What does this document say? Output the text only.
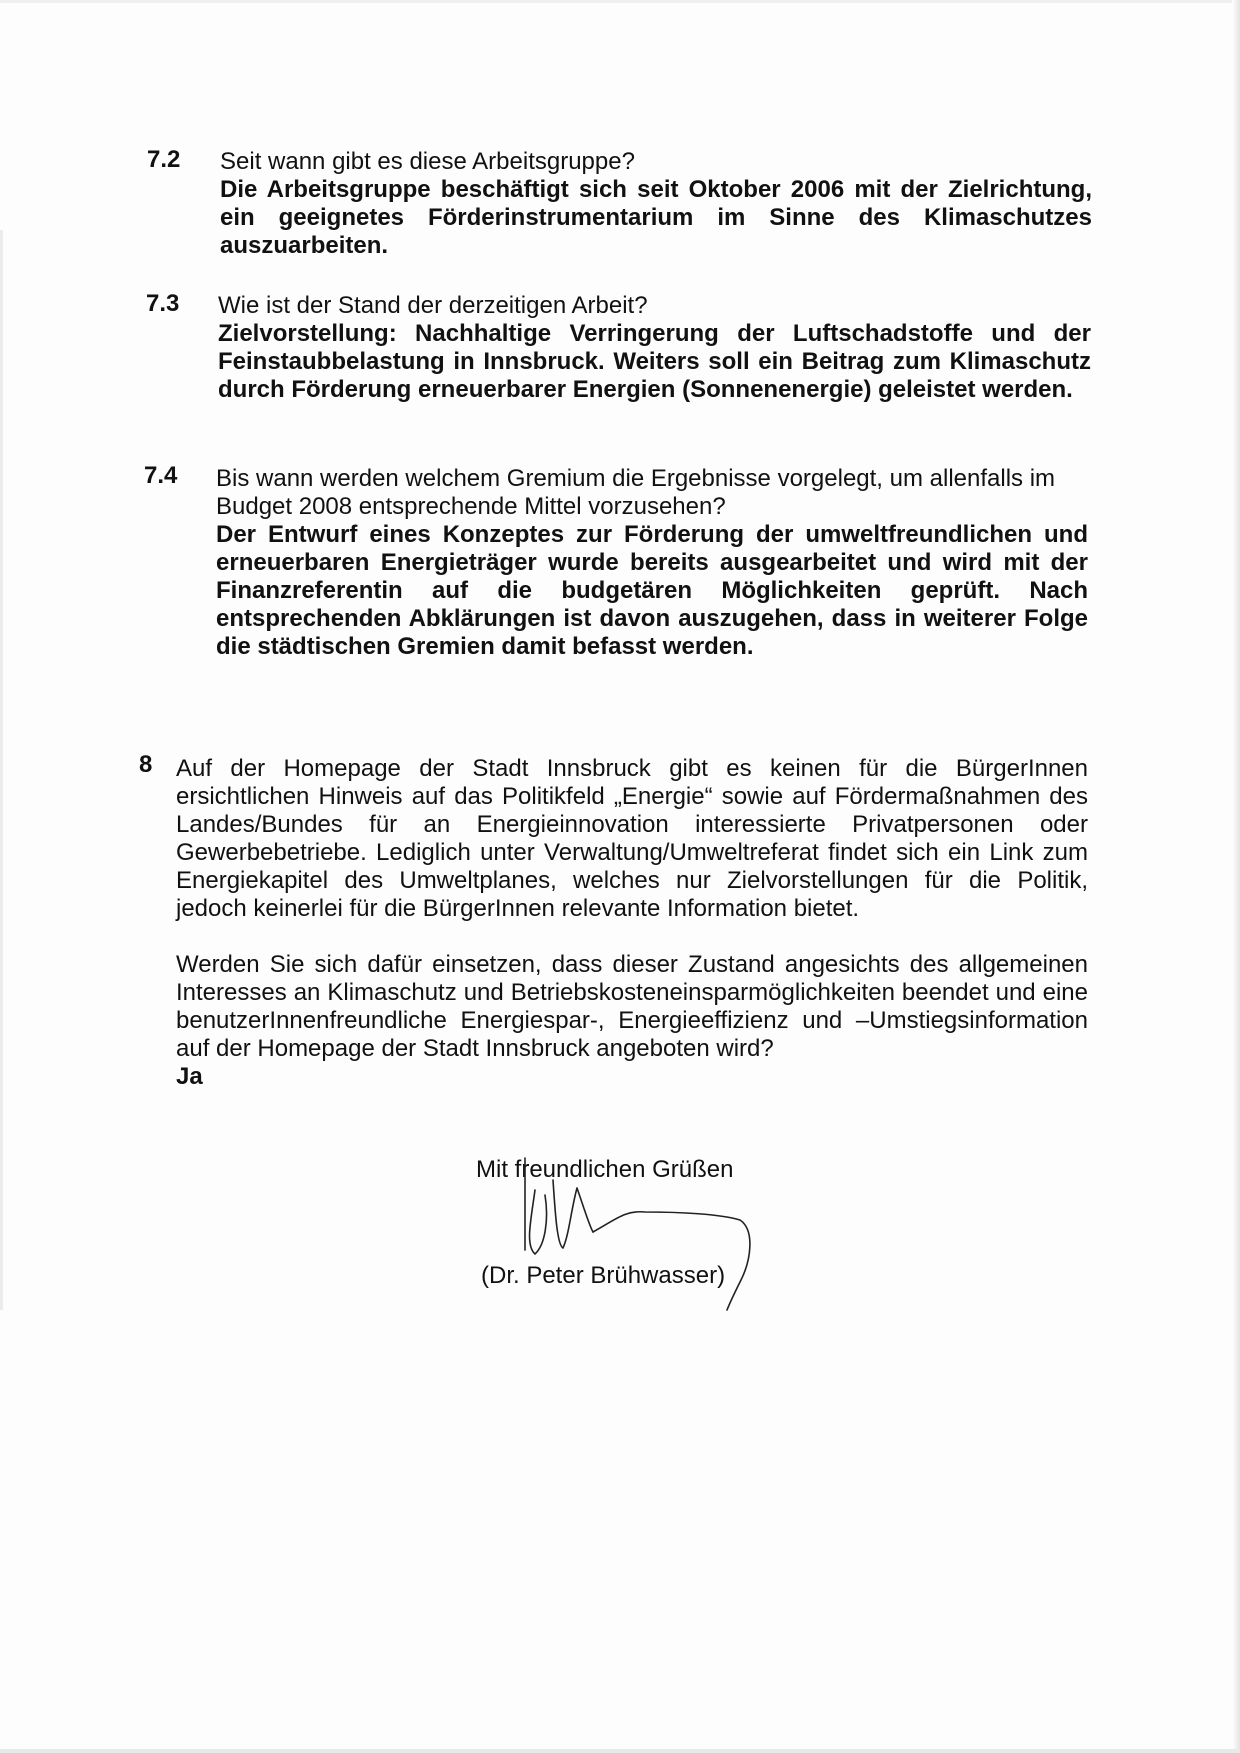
7.2 Seit wann gibt es diese Arbeitsgruppe?

Die Arbeitsgruppe beschäftigt sich seit Oktober 2006 mit der Zielrichtung, ein geeignetes Förderinstrumentarium im Sinne des Klimaschutzes auszuarbeiten.

7.3 Wie ist der Stand der derzeitigen Arbeit?

Zielvorstellung: Nachhaltige Verringerung der Luftschadstoffe und der Feinstaubbelastung in Innsbruck. Weiters soll ein Beitrag zum Klimaschutz durch Förderung erneuerbarer Energien (Sonnenenergie) geleistet werden.

7.4 Bis wann werden welchem Gremium die Ergebnisse vorgelegt, um allenfalls im Budget 2008 entsprechende Mittel vorzusehen?

Der Entwurf eines Konzeptes zur Förderung der umweltfreundlichen und erneuerbaren Energieträger wurde bereits ausgearbeitet und wird mit der Finanzreferentin auf die budgetären Möglichkeiten geprüft. Nach entsprechenden Abklärungen ist davon auszugehen, dass in weiterer Folge die städtischen Gremien damit befasst werden.

8 Auf der Homepage der Stadt Innsbruck gibt es keinen für die BürgerInnen ersichtlichen Hinweis auf das Politikfeld „Energie“ sowie auf Fördermaßnahmen des Landes/Bundes für an Energieinnovation interessierte Privatpersonen oder Gewerbebetriebe. Lediglich unter Verwaltung/Umweltreferat findet sich ein Link zum Energiekapitel des Umweltplanes, welches nur Zielvorstellungen für die Politik, jedoch keinerlei für die BürgerInnen relevante Information bietet.

Werden Sie sich dafür einsetzen, dass dieser Zustand angesichts des allgemeinen Interesses an Klimaschutz und Betriebskosteneinsparmöglichkeiten beendet und eine benutzerInnenfreundliche Energiespar-, Energieeffizienz und –Umstiegsinformation auf der Homepage der Stadt Innsbruck angeboten wird?

Ja

Mit freundlichen Grüßen
(Dr. Peter Brühwasser)
